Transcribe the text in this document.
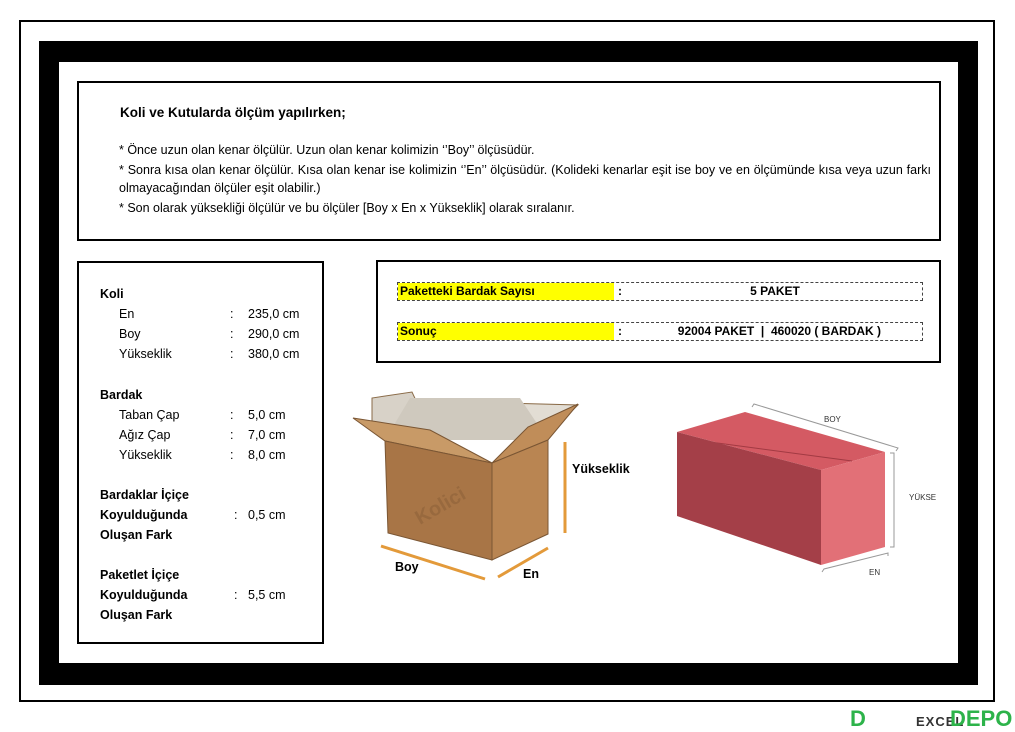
Koli ve Kutularda ölçüm yapılırken;

* Önce uzun olan kenar ölçülür. Uzun olan kenar kolimizin ‘’Boy’’ ölçüsüdür.

* Sonra kısa olan kenar ölçülür. Kısa olan kenar ise kolimizin ‘’En’’ ölçüsüdür. (Kolideki kenarlar eşit ise boy ve en ölçümünde kısa veya uzun farkı olmayacağından ölçüler eşit olabilir.)

* Son olarak yüksekliği ölçülür ve bu ölçüler [Boy x En x Yükseklik] olarak sıralanır.

Koli
En	: 235,0 cm
Boy	: 290,0 cm
Yükseklik	: 380,0 cm
Bardak
Taban Çap	: 5,0 cm
Ağız Çap	: 7,0 cm
Yükseklik	: 8,0 cm
Bardaklar İçiçe
Koyulduğunda	: 0,5 cm
Oluşan Fark
Paketlet İçiçe
Koyulduğunda	: 5,5 cm
Oluşan Fark
Paketteki Bardak Sayısı	:	5 PAKET
Sonuç	:	92004 PAKET  |  460020 ( BARDAK )
Kolici
Yükseklik
Boy	En
BOY
YÜKSE
EN
D	EXCEL
DEPO
